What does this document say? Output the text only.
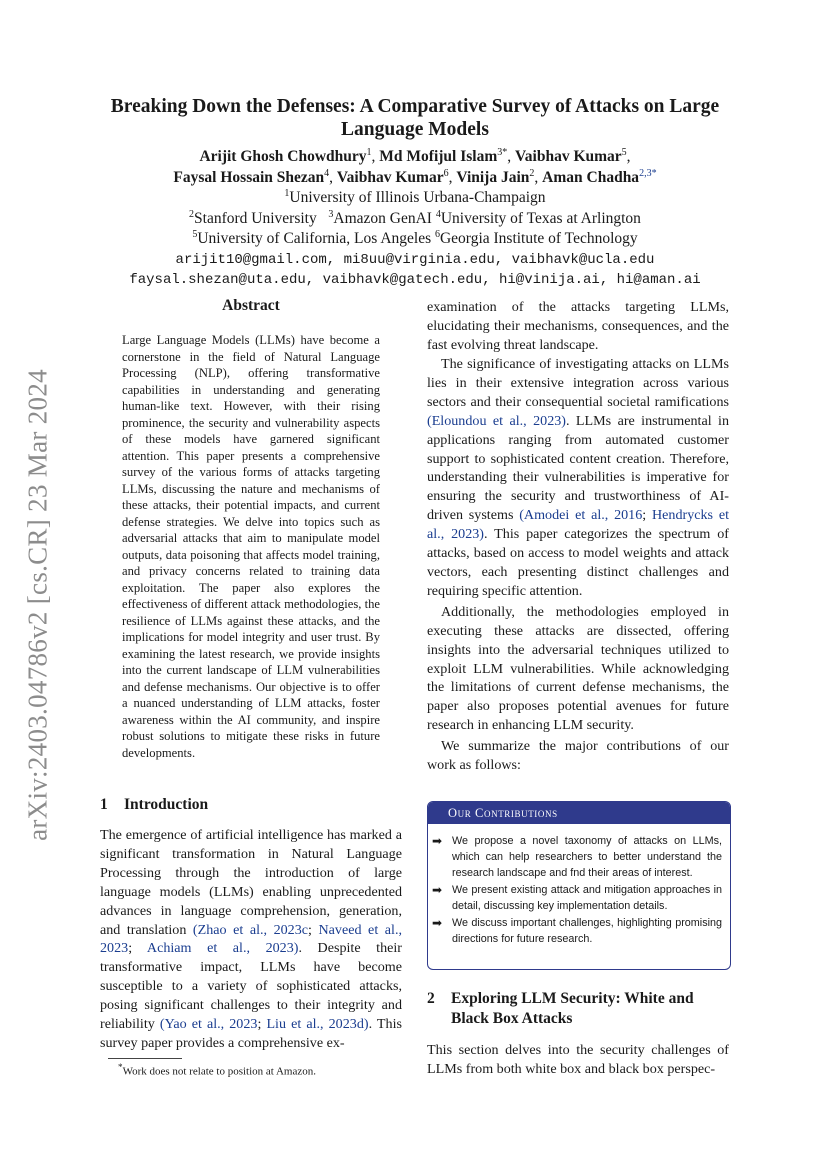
arXiv:2403.04786v2 [cs.CR] 23 Mar 2024
Breaking Down the Defenses: A Comparative Survey of Attacks on Large Language Models
Arijit Ghosh Chowdhury$^1$, Md Mofijul Islam$^{3*}$, Vaibhav Kumar$^5$,
Faysal Hossain Shezan$^4$, Vaibhav Kumar$^6$, Vinija Jain$^2$, Aman Chadha$^{2,3*}$
$^1$University of Illinois Urbana-Champaign
$^2$Stanford University $^3$Amazon GenAI $^4$University of Texas at Arlington
$^5$University of California, Los Angeles $^6$Georgia Institute of Technology
arijit10@gmail.com, mi8uu@virginia.edu, vaibhavk@ucla.edu
faysal.shezan@uta.edu, vaibhavk@gatech.edu, hi@vinija.ai, hi@aman.ai
Abstract
Large Language Models (LLMs) have become a cornerstone in the field of Natural Language Processing (NLP), offering transformative capabilities in understanding and generating human-like text. However, with their rising prominence, the security and vulnerability aspects of these models have garnered significant attention. This paper presents a comprehensive survey of the various forms of attacks targeting LLMs, discussing the nature and mechanisms of these attacks, their potential impacts, and current defense strategies. We delve into topics such as adversarial attacks that aim to manipulate model outputs, data poisoning that affects model training, and privacy concerns related to training data exploitation. The paper also explores the effectiveness of different attack methodologies, the resilience of LLMs against these attacks, and the implications for model integrity and user trust. By examining the latest research, we provide insights into the current landscape of LLM vulnerabilities and defense mechanisms. Our objective is to offer a nuanced understanding of LLM attacks, foster awareness within the AI community, and inspire robust solutions to mitigate these risks in future developments.
1 Introduction

The emergence of artificial intelligence has marked a significant transformation in Natural Language Processing through the introduction of large language models (LLMs) enabling unprecedented advances in language comprehension, generation, and translation (Zhao et al., 2023c; Naveed et al., 2023; Achiam et al., 2023). Despite their transformative impact, LLMs have become susceptible to a variety of sophisticated attacks, posing significant challenges to their integrity and reliability (Yao et al., 2023; Liu et al., 2023d). This survey paper provides a comprehensive ex-

examination of the attacks targeting LLMs, elucidating their mechanisms, consequences, and the fast evolving threat landscape.

The significance of investigating attacks on LLMs lies in their extensive integration across various sectors and their consequential societal ramifications (Eloundou et al., 2023). LLMs are instrumental in applications ranging from automated customer support to sophisticated content creation. Therefore, understanding their vulnerabilities is imperative for ensuring the security and trustworthiness of AI-driven systems (Amodei et al., 2016; Hendrycks et al., 2023). This paper categorizes the spectrum of attacks, based on access to model weights and attack vectors, each presenting distinct challenges and requiring specific attention.

Additionally, the methodologies employed in executing these attacks are dissected, offering insights into the adversarial techniques utilized to exploit LLM vulnerabilities. While acknowledging the limitations of current defense mechanisms, the paper also proposes potential avenues for future research in enhancing LLM security.

We summarize the major contributions of our work as follows:

Our Contributions
➡ We propose a novel taxonomy of attacks on LLMs, which can help researchers to better understand the research landscape and fnd their areas of interest.
➡ We present existing attack and mitigation approaches in detail, discussing key implementation details.
➡ We discuss important challenges, highlighting promising directions for future research.
2 Exploring LLM Security: White and
Black Box Attacks

This section delves into the security challenges of LLMs from both white box and black box perspec-

*Work does not relate to position at Amazon.
